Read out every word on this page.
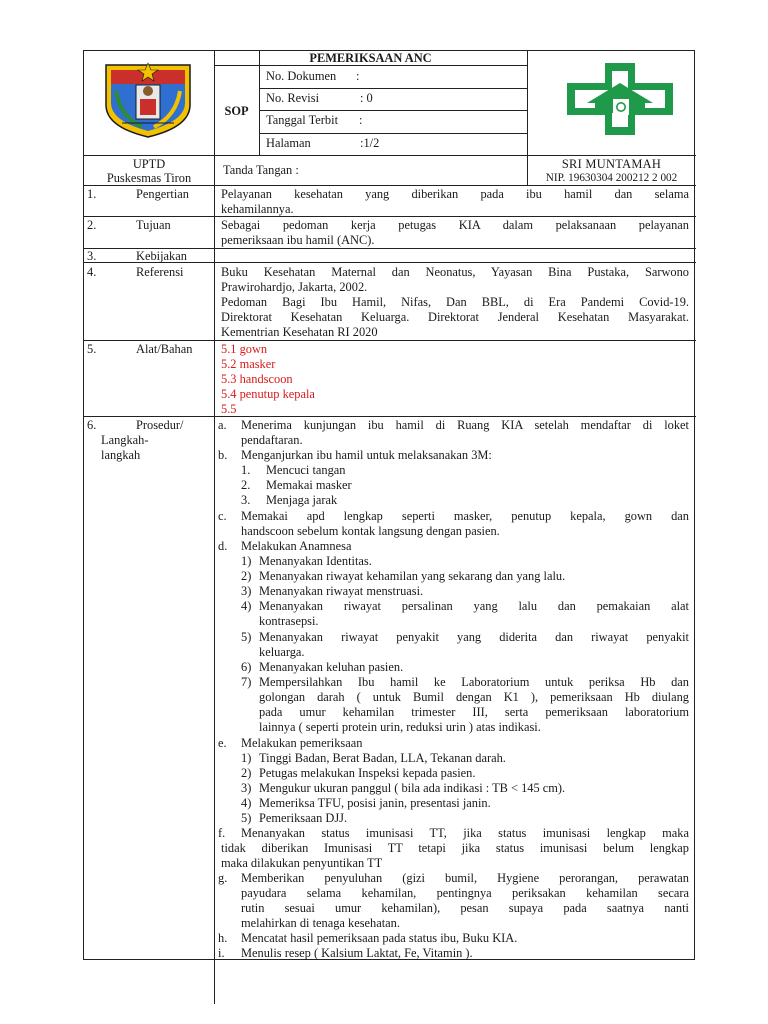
PEMERIKSAAN ANC
SOP
No. Dokumen :
No. Revisi	: 0
Tanggal Terbit :
Halaman	:1/2
UPTD
Puskesmas Tiron
Tanda Tangan :	SRI MUNTAMAH
NIP. 19630304 200212 2 002
1.	Pengertian	Pelayanan kesehatan yang diberikan pada ibu hamil dan selama
kehamilannya.
2.	Tujuan	Sebagai pedoman kerja petugas KIA dalam pelaksanaan pelayanan
pemeriksaan ibu hamil (ANC).
3.	Kebijakan
4.	Referensi	Buku Kesehatan Maternal dan Neonatus, Yayasan Bina Pustaka, Sarwono
Prawirohardjo, Jakarta, 2002.
Pedoman Bagi Ibu Hamil, Nifas, Dan BBL, di Era Pandemi Covid-19.
Direktorat Kesehatan Keluarga. Direktorat Jenderal Kesehatan Masyarakat.
Kementrian Kesehatan RI 2020
5.	Alat/Bahan 5.1 gown
5.2 masker
5.3 handscoon
5.4 penutup kepala
5.5
6.	Prosedur/
Langkah-
langkah
a. Menerima kunjungan ibu hamil di Ruang KIA setelah mendaftar di loket
pendaftaran.
b. Menganjurkan ibu hamil untuk melaksanakan 3M:
1. Mencuci tangan
2. Memakai masker
3. Menjaga jarak
c. Memakai apd lengkap seperti masker, penutup kepala, gown dan
handscoon sebelum kontak langsung dengan pasien.
d. Melakukan Anamnesa
1) Menanyakan Identitas.
2) Menanyakan riwayat kehamilan yang sekarang dan yang lalu.
3) Menanyakan riwayat menstruasi.
4) Menanyakan riwayat persalinan yang lalu dan pemakaian alat
kontrasepsi.
5) Menanyakan riwayat penyakit yang diderita dan riwayat penyakit
keluarga.
6) Menanyakan keluhan pasien.
7) Mempersilahkan Ibu hamil ke Laboratorium untuk periksa Hb dan
golongan darah ( untuk Bumil dengan K1 ), pemeriksaan Hb diulang
pada umur kehamilan trimester III, serta pemeriksaan laboratorium
lainnya ( seperti protein urin, reduksi urin ) atas indikasi.
e. Melakukan pemeriksaan
1) Tinggi Badan, Berat Badan, LLA, Tekanan darah.
2) Petugas melakukan Inspeksi kepada pasien.
3) Mengukur ukuran panggul ( bila ada indikasi : TB < 145 cm).
4) Memeriksa TFU, posisi janin, presentasi janin.
5) Pemeriksaan DJJ.
f. Menanyakan status imunisasi TT, jika status imunisasi lengkap maka
tidak diberikan Imunisasi TT tetapi jika status imunisasi belum lengkap
maka dilakukan penyuntikan TT
g. Memberikan penyuluhan (gizi bumil, Hygiene perorangan, perawatan
payudara selama kehamilan, pentingnya periksakan kehamilan secara
rutin sesuai umur kehamilan), pesan supaya pada saatnya nanti
melahirkan di tenaga kesehatan.
h. Mencatat hasil pemeriksaan pada status ibu, Buku KIA.
i. Menulis resep ( Kalsium Laktat, Fe, Vitamin ).
